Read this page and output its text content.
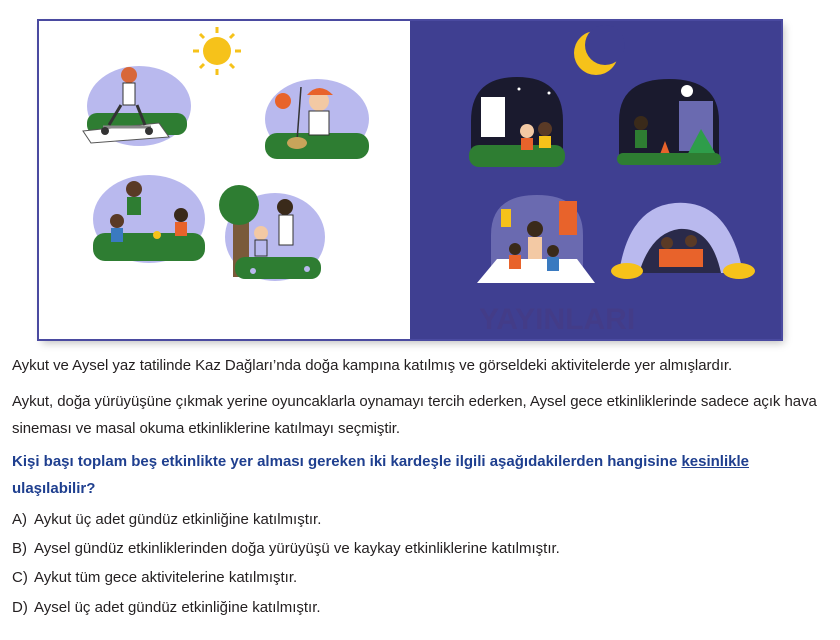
YAYINLARI

Aykut ve Aysel yaz tatilinde Kaz Dağları’nda doğa kampına katılmış ve görseldeki aktivitelerde yer almışlardır.

Aykut, doğa yürüyüşüne çıkmak yerine oyuncaklarla oynamayı tercih ederken, Aysel gece etkinliklerinde sadece açık hava sineması ve masal okuma etkinliklerine katılmayı seçmiştir.

Kişi başı toplam beş etkinlikte yer alması gereken iki kardeşle ilgili aşağıdakilerden hangisine kesinlikle ulaşılabilir?

A) Aykut üç adet gündüz etkinliğine katılmıştır.
B) Aysel gündüz etkinliklerinden doğa yürüyüşü ve kaykay etkinliklerine katılmıştır.
C) Aykut tüm gece aktivitelerine katılmıştır.
D) Aysel üç adet gündüz etkinliğine katılmıştır.
